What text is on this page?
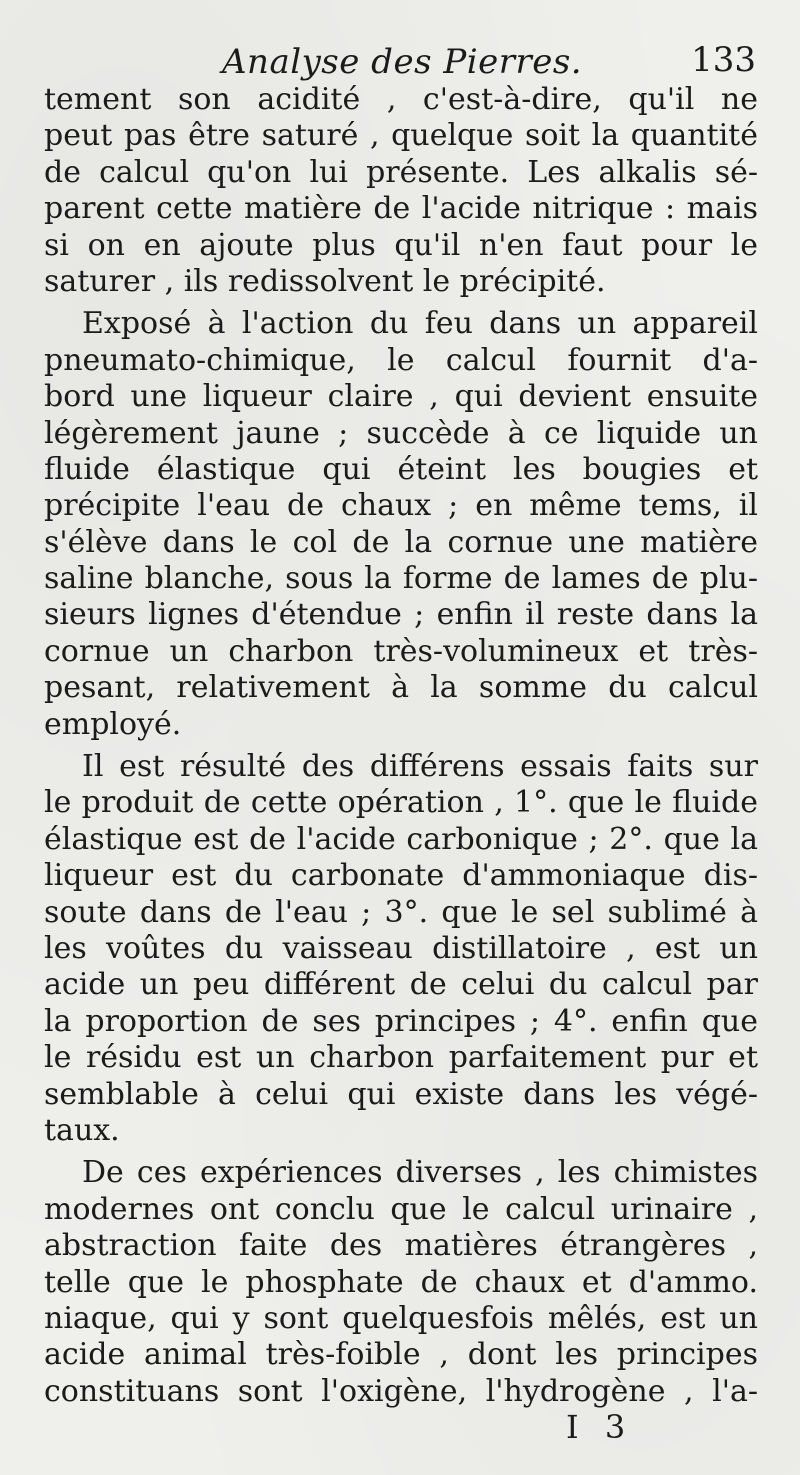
Analyse des Pierres.	133
tement son acidité , c'est-à-dire, qu'il ne
peut pas être saturé , quelque soit la quantité
de calcul qu'on lui présente. Les alkalis sé-
parent cette matière de l'acide nitrique : mais
si on en ajoute plus qu'il n'en faut pour le
saturer , ils redissolvent le précipité.
Exposé à l'action du feu dans un appareil
pneumato-chimique, le calcul fournit d'a-
bord une liqueur claire , qui devient ensuite
légèrement jaune ; succède à ce liquide un
fluide élastique qui éteint les bougies et
précipite l'eau de chaux ; en même tems, il
s'élève dans le col de la cornue une matière
saline blanche, sous la forme de lames de plu-
sieurs lignes d'étendue ; enfin il reste dans la
cornue un charbon très-volumineux et très-
pesant, relativement à la somme du calcul
employé.
Il est résulté des différens essais faits sur
le produit de cette opération , 1°. que le fluide
élastique est de l'acide carbonique ; 2°. que la
liqueur est du carbonate d'ammoniaque dis-
soute dans de l'eau ; 3°. que le sel sublimé à
les voûtes du vaisseau distillatoire , est un
acide un peu différent de celui du calcul par
la proportion de ses principes ; 4°. enfin que
le résidu est un charbon parfaitement pur et
semblable à celui qui existe dans les végé-
taux.
De ces expériences diverses , les chimistes
modernes ont conclu que le calcul urinaire ,
abstraction faite des matières étrangères ,
telle que le phosphate de chaux et d'ammo.
niaque, qui y sont quelquesfois mêlés, est un
acide animal très-foible , dont les principes
constituans sont l'oxigène, l'hydrogène , l'a-
I 3
